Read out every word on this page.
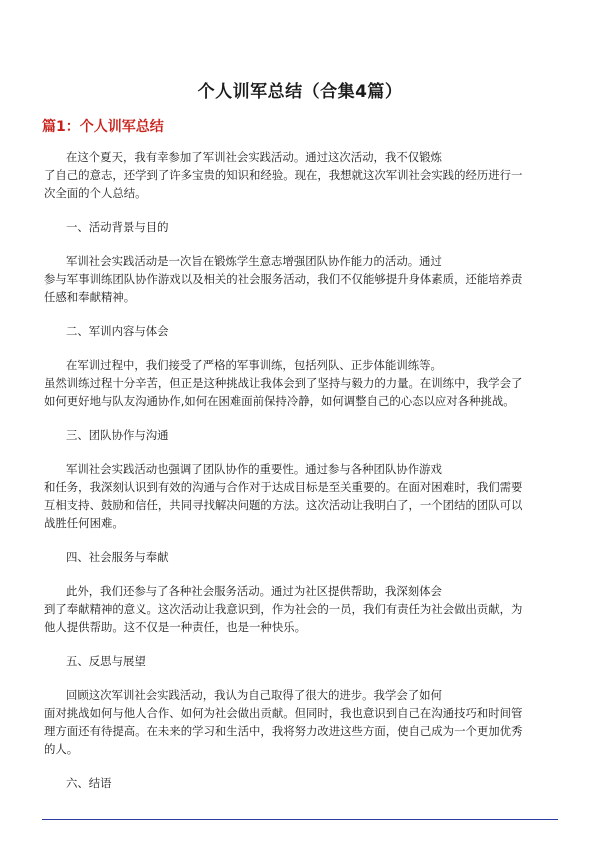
个人训军总结（合集4篇）
篇1：个人训军总结
在这个夏天，我有幸参加了军训社会实践活动。通过这次活动，我不仅锻炼
了自己的意志，还学到了许多宝贵的知识和经验。现在，我想就这次军训社会实践的经历进行一
次全面的个人总结。
一、活动背景与目的
军训社会实践活动是一次旨在锻炼学生意志增强团队协作能力的活动。通过
参与军事训练团队协作游戏以及相关的社会服务活动，我们不仅能够提升身体素质，还能培养责
任感和奉献精神。
二、军训内容与体会
在军训过程中，我们接受了严格的军事训练，包括列队、正步体能训练等。
虽然训练过程十分辛苦，但正是这种挑战让我体会到了坚持与毅力的力量。在训练中，我学会了
如何更好地与队友沟通协作,如何在困难面前保持冷静，如何调整自己的心态以应对各种挑战。
三、团队协作与沟通
军训社会实践活动也强调了团队协作的重要性。通过参与各种团队协作游戏
和任务，我深刻认识到有效的沟通与合作对于达成目标是至关重要的。在面对困难时，我们需要
互相支持、鼓励和信任，共同寻找解决问题的方法。这次活动让我明白了，一个团结的团队可以
战胜任何困难。
四、社会服务与奉献
此外，我们还参与了各种社会服务活动。通过为社区提供帮助，我深刻体会
到了奉献精神的意义。这次活动让我意识到，作为社会的一员，我们有责任为社会做出贡献，为
他人提供帮助。这不仅是一种责任，也是一种快乐。
五、反思与展望
回顾这次军训社会实践活动，我认为自己取得了很大的进步。我学会了如何
面对挑战如何与他人合作、如何为社会做出贡献。但同时，我也意识到自己在沟通技巧和时间管
理方面还有待提高。在未来的学习和生活中，我将努力改进这些方面，使自己成为一个更加优秀
的人。
六、结语
